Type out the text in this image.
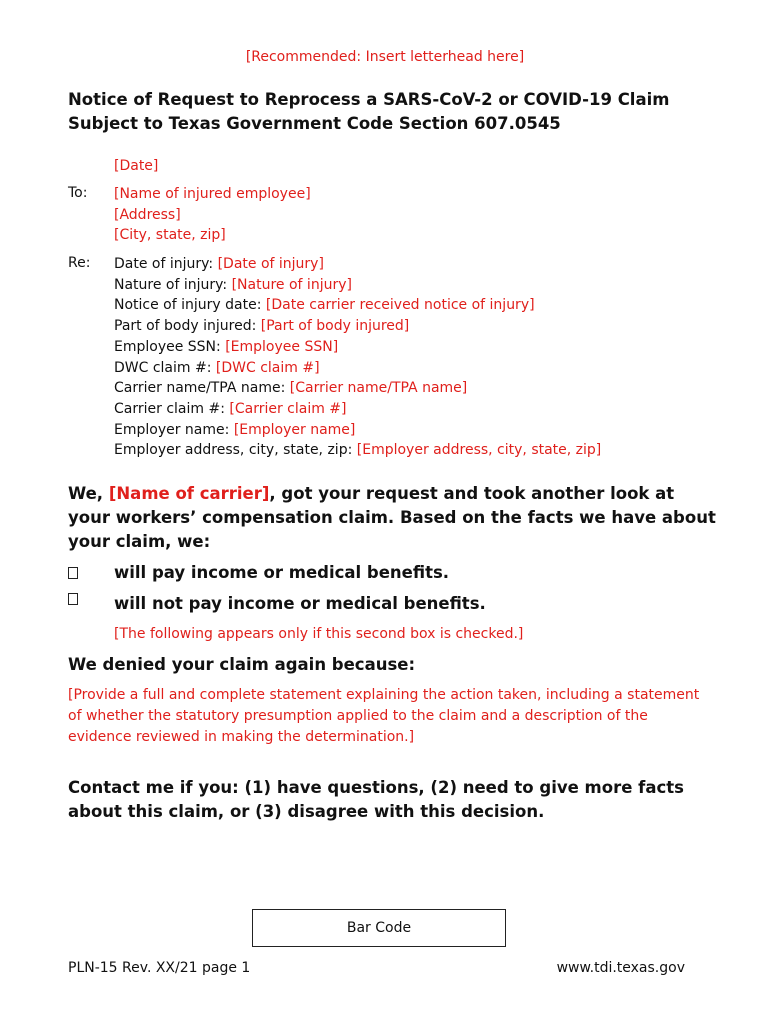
[Recommended: Insert letterhead here]
Notice of Request to Reprocess a SARS-CoV-2 or COVID-19 Claim Subject to Texas Government Code Section 607.0545
[Date]
To: [Name of injured employee]
[Address]
[City, state, zip]
Re: Date of injury: [Date of injury]
Nature of injury: [Nature of injury]
Notice of injury date: [Date carrier received notice of injury]
Part of body injured: [Part of body injured]
Employee SSN: [Employee SSN]
DWC claim #: [DWC claim #]
Carrier name/TPA name: [Carrier name/TPA name]
Carrier claim #: [Carrier claim #]
Employer name: [Employer name]
Employer address, city, state, zip: [Employer address, city, state, zip]
We, [Name of carrier], got your request and took another look at your workers’ compensation claim. Based on the facts we have about your claim, we:
will pay income or medical benefits.
will not pay income or medical benefits.
[The following appears only if this second box is checked.]
We denied your claim again because:
[Provide a full and complete statement explaining the action taken, including a statement of whether the statutory presumption applied to the claim and a description of the evidence reviewed in making the determination.]
Contact me if you: (1) have questions, (2) need to give more facts about this claim, or (3) disagree with this decision.
Bar Code
PLN-15 Rev. XX/21 page 1	www.tdi.texas.gov
